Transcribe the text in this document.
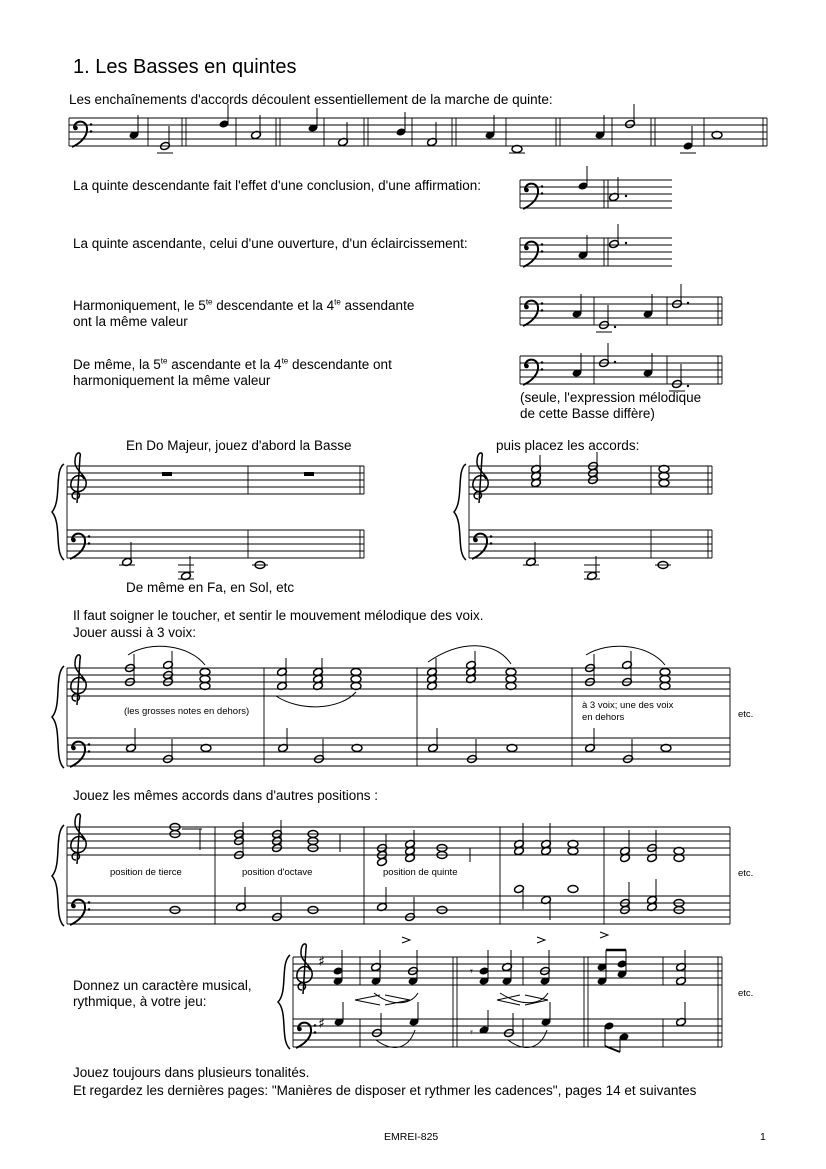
1. Les Basses en quintes
Les enchaînements d'accords découlent essentiellement de la marche de quinte:
La quinte descendante fait l'effet d'une conclusion, d'une affirmation:
La quinte ascendante, celui d'une ouverture, d'un éclaircissement:
Harmoniquement, le $5^{te}$ descendante et la $4^{te}$ assendante
ont la même valeur
De même, la $5^{te}$ ascendante et la $4^{te}$ descendante ont
harmoniquement la même valeur
(seule, l'expression mélodique
de cette Basse diffère)
En Do Majeur, jouez d'abord la Basse	puis placez les accords:
De même en Fa, en Sol, etc
Il faut soigner le toucher, et sentir le mouvement mélodique des voix.
Jouer aussi à 3 voix:
(les grosses notes en dehors)
à 3 voix; une des voix
en dehors	etc.
Jouez les mêmes accords dans d'autres positions :
position de tierce	position d'octave	position de quinte	etc.
Donnez un caractère musical,
rythmique, à votre jeu:
etc.
Jouez toujours dans plusieurs tonalités.
Et regardez les dernières pages: "Manières de disposer et rythmer les cadences", pages 14 et suivantes
EMREI-825	1
♯
♯
𝄾
𝄾
